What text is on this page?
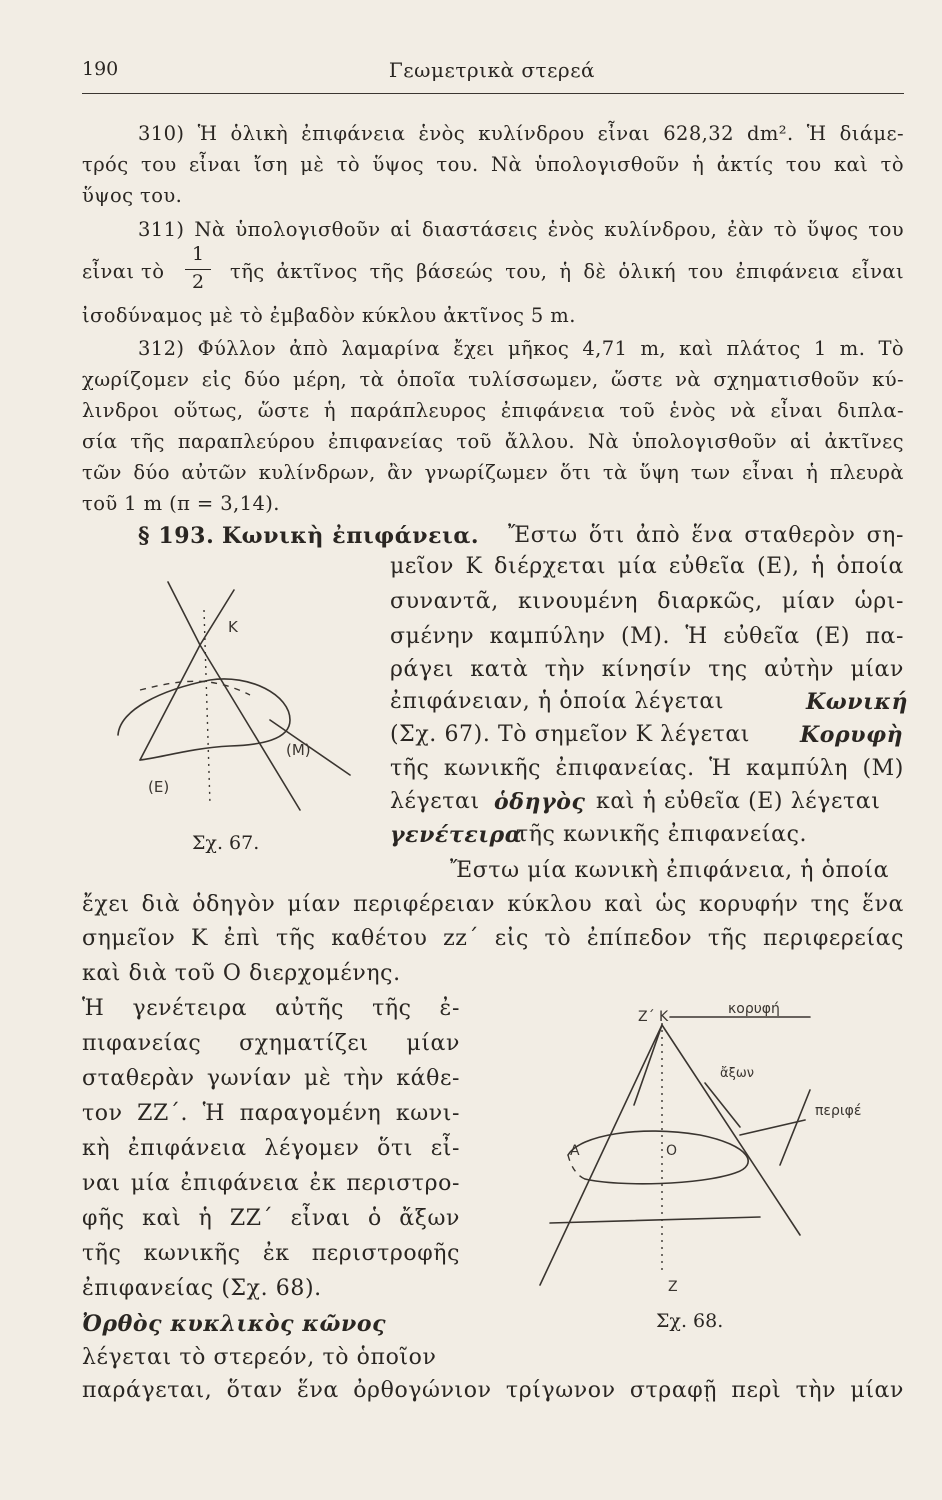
190	Γεωμετρικὰ στερεά
310) Ἡ ὁλικὴ ἐπιφάνεια ἑνὸς κυλίνδρου εἶναι 628,32 dm². Ἡ διάμε-
τρός του εἶναι ἴση μὲ τὸ ὕψος του. Νὰ ὑπολογισθοῦν ἡ ἀκτίς του καὶ τὸ
ὕψος του.
311) Νὰ ὑπολογισθοῦν αἱ διαστάσεις ἑνὸς κυλίνδρου, ἐὰν τὸ ὕψος του
εἶναι τὸ
1
2	τῆς ἀκτῖνος τῆς βάσεώς του, ἡ δὲ ὁλική του ἐπιφάνεια εἶναι
ἰσοδύναμος μὲ τὸ ἐμβαδὸν κύκλου ἀκτῖνος 5 m.
312) Φύλλον ἀπὸ λαμαρίνα ἔχει μῆκος 4,71 m, καὶ πλάτος 1 m. Τὸ
χωρίζομεν εἰς δύο μέρη, τὰ ὁποῖα τυλίσσωμεν, ὥστε νὰ σχηματισθοῦν κύ-
λινδροι οὕτως, ὥστε ἡ παράπλευρος ἐπιφάνεια τοῦ ἑνὸς νὰ εἶναι διπλα-
σία τῆς παραπλεύρου ἐπιφανείας τοῦ ἄλλου. Νὰ ὑπολογισθοῦν αἱ ἀκτῖνες
τῶν δύο αὐτῶν κυλίνδρων, ἂν γνωρίζωμεν ὅτι τὰ ὕψη των εἶναι ἡ πλευρὰ
τοῦ 1 m (π = 3,14).
§ 193. Κωνικὴ ἐπιφάνεια. Ἔστω ὅτι ἀπὸ ἕνα σταθερὸν ση-
μεῖον Κ διέρχεται μία εὐθεῖα (Ε), ἡ ὁποία
συναντᾶ, κινουμένη διαρκῶς, μίαν ὡρι-
σμένην καμπύλην (Μ). Ἡ εὐθεῖα (Ε) πα-
ράγει κατὰ τὴν κίνησίν της αὐτὴν μίαν
ἐπιφάνειαν, ἡ ὁποία λέγεται	Κωνική
(Σχ. 67). Τὸ σημεῖον Κ λέγεται Κορυφὴ
τῆς κωνικῆς ἐπιφανείας. Ἡ καμπύλη (Μ)
λέγεται ὁδηγὸς καὶ ἡ εὐθεῖα (Ε) λέγεται
γενέτειρα
τῆς κωνικῆς ἐπιφανείας.
Κ
(Μ)
(Ε)
Σχ. 67.
Ἔστω μία κωνικὴ ἐπιφάνεια, ἡ ὁποία
ἔχει διὰ ὁδηγὸν μίαν περιφέρειαν κύκλου καὶ ὡς κορυφήν της ἕνα
σημεῖον Κ ἐπὶ τῆς καθέτου zz΄ εἰς τὸ ἐπίπεδον τῆς περιφερείας
καὶ διὰ τοῦ Ο διερχομένης.
Ἡ γενέτειρα αὐτῆς τῆς ἐ-
πιφανείας σχηματίζει μίαν
σταθερὰν γωνίαν μὲ τὴν κάθε-
τον ΖΖ΄. Ἡ παραγομένη κωνι-
κὴ ἐπιφάνεια λέγομεν ὅτι εἶ-
ναι μία ἐπιφάνεια ἐκ περιστρο-
φῆς καὶ ἡ ΖΖ΄ εἶναι ὁ ἄξων
τῆς κωνικῆς ἐκ περιστροφῆς
ἐπιφανείας (Σχ. 68).
Ζ΄ Κ	κορυφή
ἄξων
περιφέ
Α	Ο
Ζ
Σχ. 68.
Ὀρθὸς κυκλικὸς κῶνος
λέγεται τὸ στερεόν, τὸ ὁποῖον
παράγεται, ὅταν ἕνα ὀρθογώνιον τρίγωνον στραφῇ περὶ τὴν μίαν
